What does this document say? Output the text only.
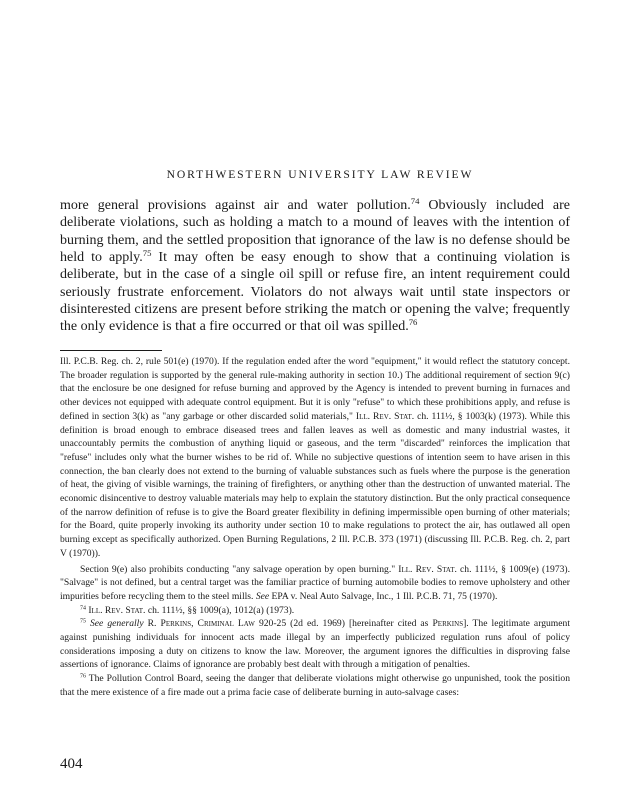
NORTHWESTERN UNIVERSITY LAW REVIEW

more general provisions against air and water pollution.$^{74}$ Obviously included are deliberate violations, such as holding a match to a mound of leaves with the intention of burning them, and the settled proposition that ignorance of the law is no defense should be held to apply.$^{75}$ It may often be easy enough to show that a continuing violation is deliberate, but in the case of a single oil spill or refuse fire, an intent requirement could seriously frustrate enforcement. Violators do not always wait until state inspectors or disinterested citizens are present before striking the match or opening the valve; frequently the only evidence is that a fire occurred or that oil was spilled.$^{76}$

Ill. P.C.B. Reg. ch. 2, rule 501(e) (1970). If the regulation ended after the word "equipment," it would reflect the statutory concept. The broader regulation is supported by the general rule-making authority in section 10.) The additional requirement of section 9(c) that the enclosure be one designed for refuse burning and approved by the Agency is intended to prevent burning in furnaces and other devices not equipped with adequate control equipment. But it is only "refuse" to which these prohibitions apply, and refuse is defined in section 3(k) as "any garbage or other discarded solid materials," Ill. Rev. Stat. ch. 111½, § 1003(k) (1973). While this definition is broad enough to embrace diseased trees and fallen leaves as well as domestic and many industrial wastes, it unaccountably permits the combustion of anything liquid or gaseous, and the term "discarded" reinforces the implication that "refuse" includes only what the burner wishes to be rid of. While no subjective questions of intention seem to have arisen in this connection, the ban clearly does not extend to the burning of valuable substances such as fuels where the purpose is the generation of heat, the giving of visible warnings, the training of firefighters, or anything other than the destruction of unwanted material. The economic disincentive to destroy valuable materials may help to explain the statutory distinction. But the only practical consequence of the narrow definition of refuse is to give the Board greater flexibility in defining impermissible open burning of other materials; for the Board, quite properly invoking its authority under section 10 to make regulations to protect the air, has outlawed all open burning except as specifically authorized. Open Burning Regulations, 2 Ill. P.C.B. 373 (1971) (discussing Ill. P.C.B. Reg. ch. 2, part V (1970)).

Section 9(e) also prohibits conducting "any salvage operation by open burning." Ill. Rev. Stat. ch. 111½, § 1009(e) (1973). "Salvage" is not defined, but a central target was the familiar practice of burning automobile bodies to remove upholstery and other impurities before recycling them to the steel mills. See EPA v. Neal Auto Salvage, Inc., 1 Ill. P.C.B. 71, 75 (1970).

$^{74}$ Ill. Rev. Stat. ch. 111½, §§ 1009(a), 1012(a) (1973).

$^{75}$ See generally R. Perkins, Criminal Law 920-25 (2d ed. 1969) [hereinafter cited as Perkins]. The legitimate argument against punishing individuals for innocent acts made illegal by an imperfectly publicized regulation runs afoul of policy considerations imposing a duty on citizens to know the law. Moreover, the argument ignores the difficulties in disproving false assertions of ignorance. Claims of ignorance are probably best dealt with through a mitigation of penalties.

$^{76}$ The Pollution Control Board, seeing the danger that deliberate violations might otherwise go unpunished, took the position that the mere existence of a fire made out a prima facie case of deliberate burning in auto-salvage cases:

404
